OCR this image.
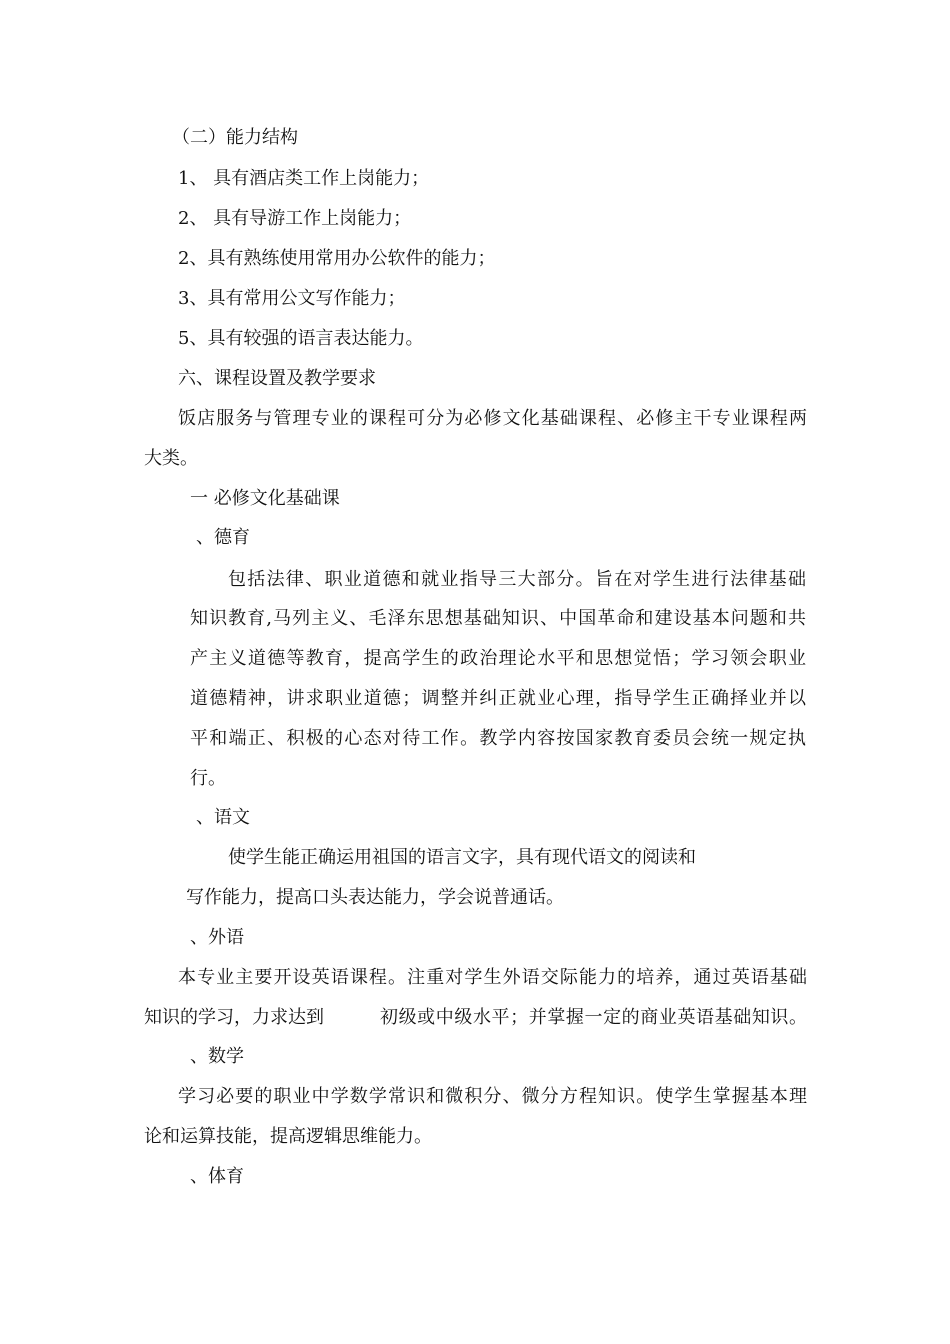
（二）能力结构
1、 具有酒店类工作上岗能力；
2、 具有导游工作上岗能力；
2、具有熟练使用常用办公软件的能力；
3、具有常用公文写作能力；
5、具有较强的语言表达能力。
六、课程设置及教学要求
饭店服务与管理专业的课程可分为必修文化基础课程、必修主干专业课程两
大类。
一 必修文化基础课
、德育
包括法律、职业道德和就业指导三大部分。旨在对学生进行法律基础
知识教育,马列主义、毛泽东思想基础知识、中国革命和建设基本问题和共
产主义道德等教育，提高学生的政治理论水平和思想觉悟；学习领会职业
道德精神，讲求职业道德；调整并纠正就业心理，指导学生正确择业并以
平和端正、积极的心态对待工作。教学内容按国家教育委员会统一规定执
行。
、语文
使学生能正确运用祖国的语言文字，具有现代语文的阅读和
写作能力，提高口头表达能力，学会说普通话。
、外语
本专业主要开设英语课程。注重对学生外语交际能力的培养，通过英语基础
知识的学习，力求达到	初级或中级水平；并掌握一定的商业英语基础知识。
、数学
学习必要的职业中学数学常识和微积分、微分方程知识。使学生掌握基本理
论和运算技能，提高逻辑思维能力。
、体育
